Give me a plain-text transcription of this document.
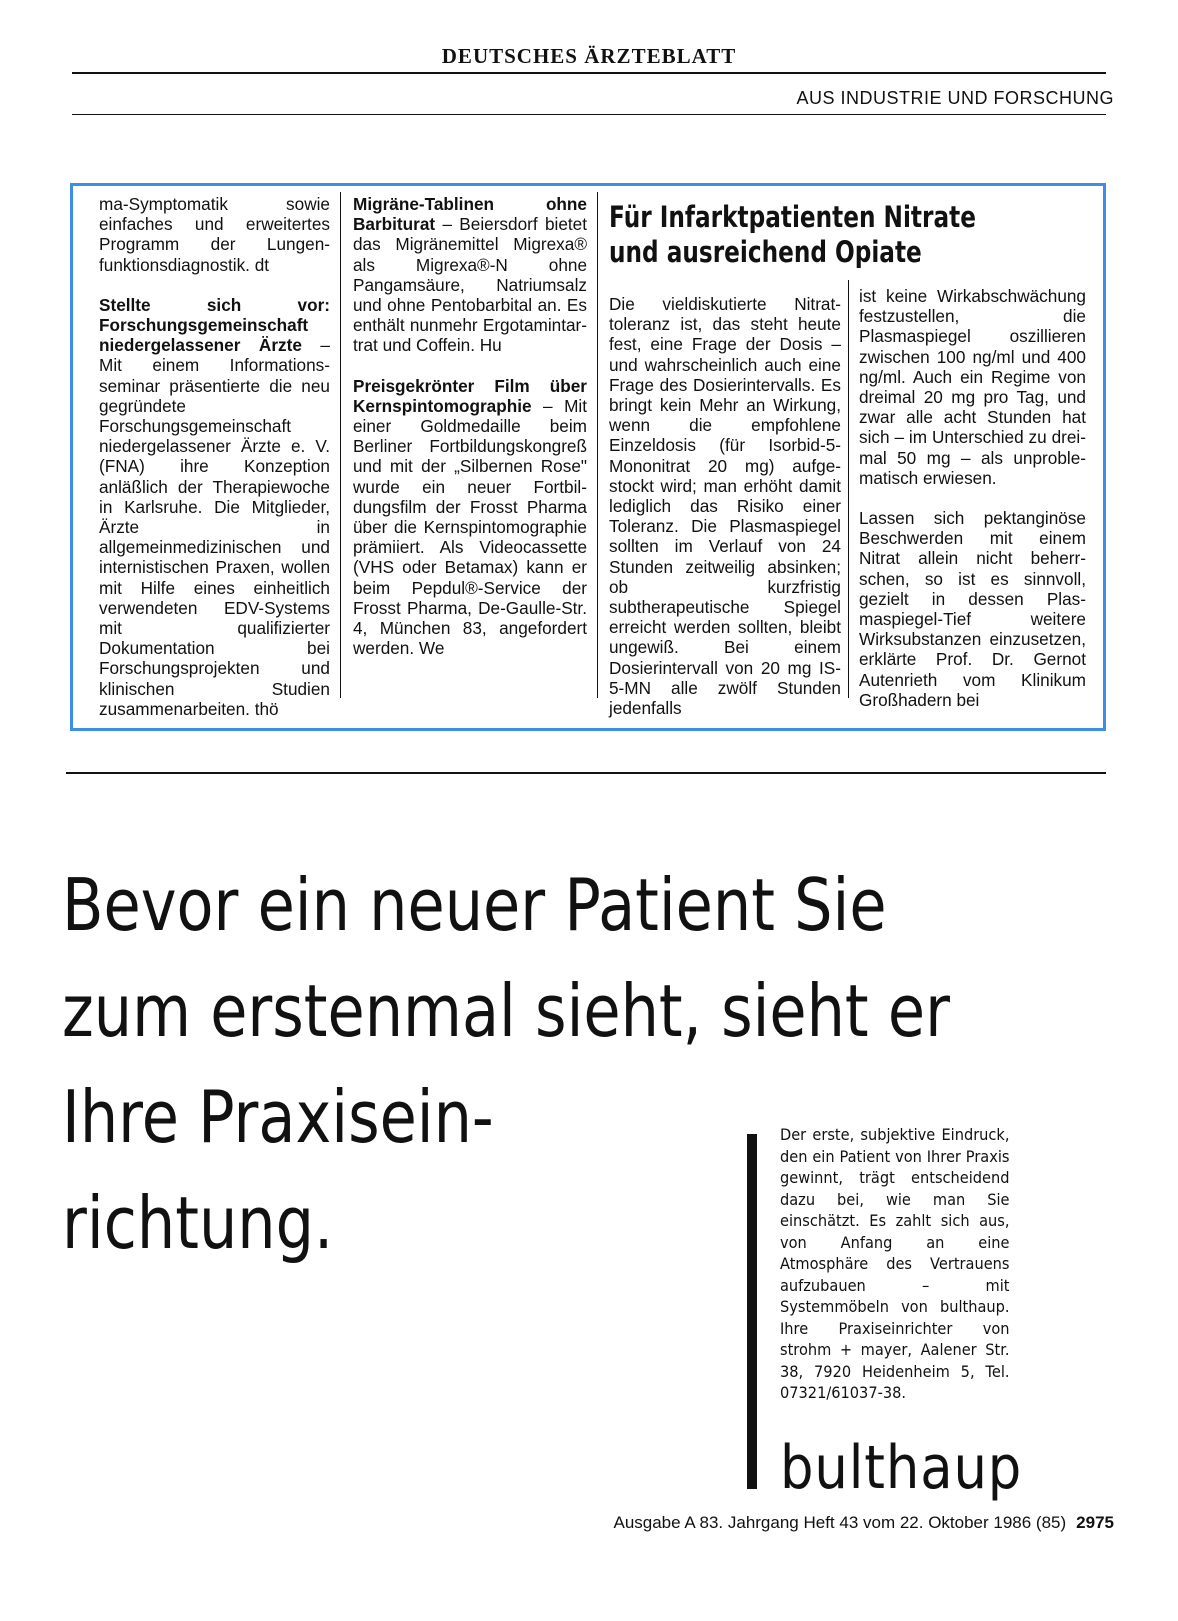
DEUTSCHES ÄRZTEBLATT
AUS INDUSTRIE UND FORSCHUNG

ma-Symptomatik sowie einfaches und erweitertes Programm der Lungenfunktionsdiagnostik. dt

Stellte sich vor: Forschungsgemeinschaft niedergelassener Ärzte – Mit einem Informationsseminar präsentierte die neu gegründete Forschungsgemeinschaft niedergelassener Ärzte e. V. (FNA) ihre Konzeption anläßlich der Therapiewoche in Karlsruhe. Die Mitglieder, Ärzte in allgemeinmedizinischen und internistischen Praxen, wollen mit Hilfe eines einheitlich verwendeten EDV-Systems mit qualifizierter Dokumentation bei Forschungsprojekten und klinischen Studien zusammenarbeiten. thö

Migräne-Tablinen ohne Barbiturat – Beiersdorf bietet das Migränemittel Migrexa® als Migrexa®-N ohne Pangamsäure, Natriumsalz und ohne Pentobarbital an. Es enthält nunmehr Ergotamintartrat und Coffein. Hu

Preisgekrönter Film über Kernspintomographie – Mit einer Goldmedaille beim Berliner Fortbildungskongreß und mit der „Silbernen Rose" wurde ein neuer Fortbildungsfilm der Frosst Pharma über die Kernspintomographie prämiiert. Als Videocassette (VHS oder Betamax) kann er beim Pepdul®-Service der Frosst Pharma, De-Gaulle-Str. 4, München 83, angefordert werden. We

Für Infarktpatienten Nitrate und ausreichend Opiate

Die vieldiskutierte Nitrattoleranz ist, das steht heute fest, eine Frage der Dosis – und wahrscheinlich auch eine Frage des Dosierintervalls. Es bringt kein Mehr an Wirkung, wenn die empfohlene Einzeldosis (für Isorbid-5-Mononitrat 20 mg) aufgestockt wird; man erhöht damit lediglich das Risiko einer Toleranz. Die Plasmaspiegel sollten im Verlauf von 24 Stunden zeitweilig absinken; ob kurzfristig subtherapeutische Spiegel erreicht werden sollten, bleibt ungewiß. Bei einem Dosierintervall von 20 mg IS-5-MN alle zwölf Stunden jedenfalls

ist keine Wirkabschwächung festzustellen, die Plasmaspiegel oszillieren zwischen 100 ng/ml und 400 ng/ml. Auch ein Regime von dreimal 20 mg pro Tag, und zwar alle acht Stunden hat sich – im Unterschied zu dreimal 50 mg – als unproblematisch erwiesen.

Lassen sich pektanginöse Beschwerden mit einem Nitrat allein nicht beherrschen, so ist es sinnvoll, gezielt in dessen Plasmaspiegel-Tief weitere Wirksubstanzen einzusetzen, erklärte Prof. Dr. Gernot Autenrieth vom Klinikum Großhadern bei

Bevor ein neuer Patient Sie
zum erstenmal sieht, sieht er
Ihre Praxisein-
richtung.
Der erste, subjektive Eindruck, den ein Patient von Ihrer Praxis gewinnt, trägt entscheidend dazu bei, wie man Sie einschätzt. Es zahlt sich aus, von Anfang an eine Atmosphäre des Vertrauens aufzubauen – mit Systemmöbeln von bulthaup. Ihre Praxiseinrichter von strohm + mayer, Aalener Str. 38, 7920 Heidenheim 5, Tel. 07321/61037-38.
bulthaup
Ausgabe A 83. Jahrgang Heft 43 vom 22. Oktober 1986 (85) 2975
